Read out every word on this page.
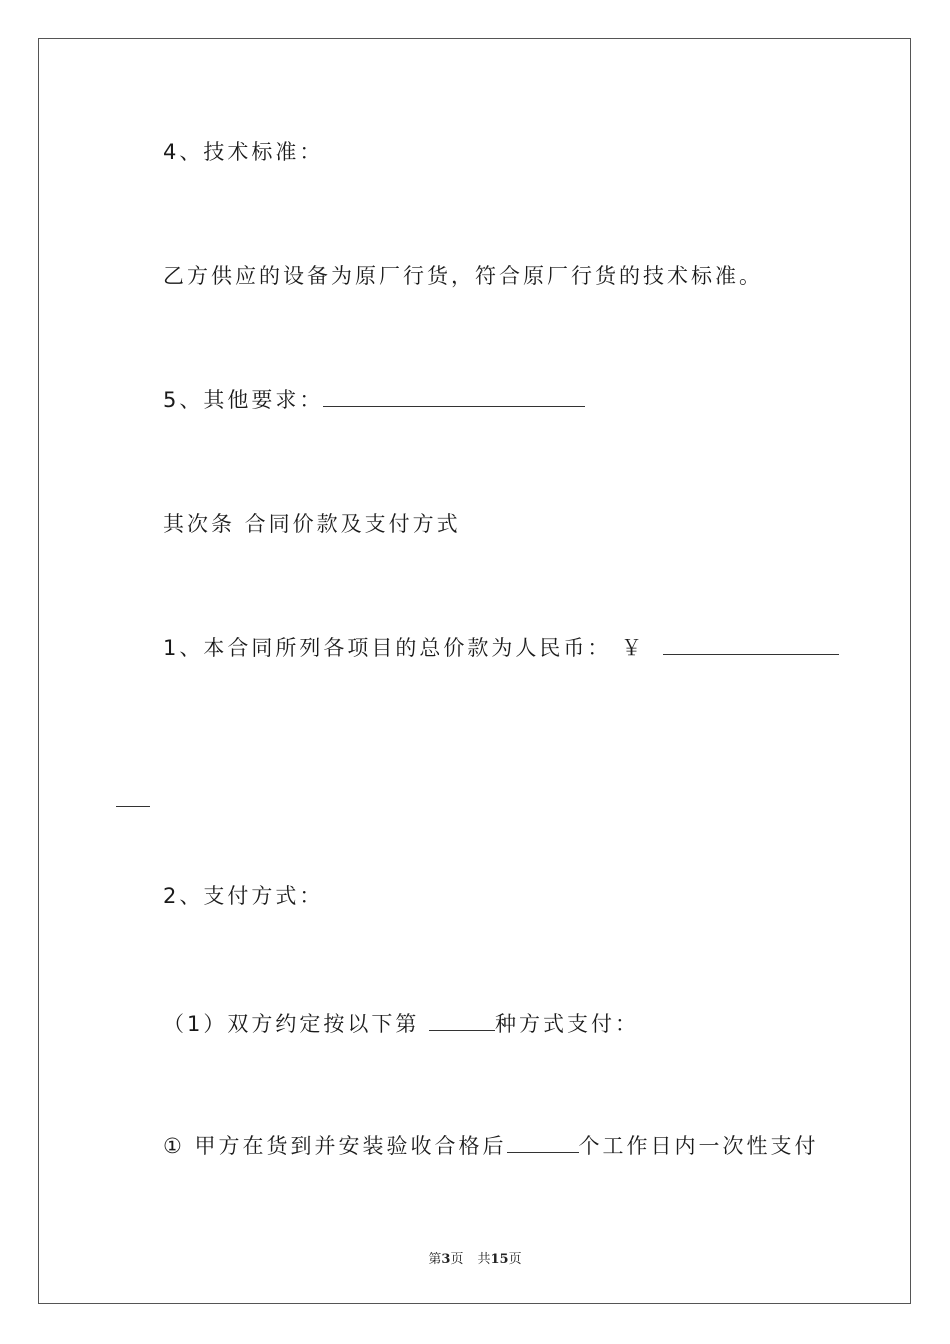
4、技术标准：
乙方供应的设备为原厂行货，符合原厂行货的技术标准。
5、其他要求：
其次条 合同价款及支付方式
1、本合同所列各项目的总价款为人民币： ￥
2、支付方式：
（1）双方约定按以下第	种方式支付：
① 甲方在货到并安装验收合格后	个工作日内一次性支付
第3页 共15页
